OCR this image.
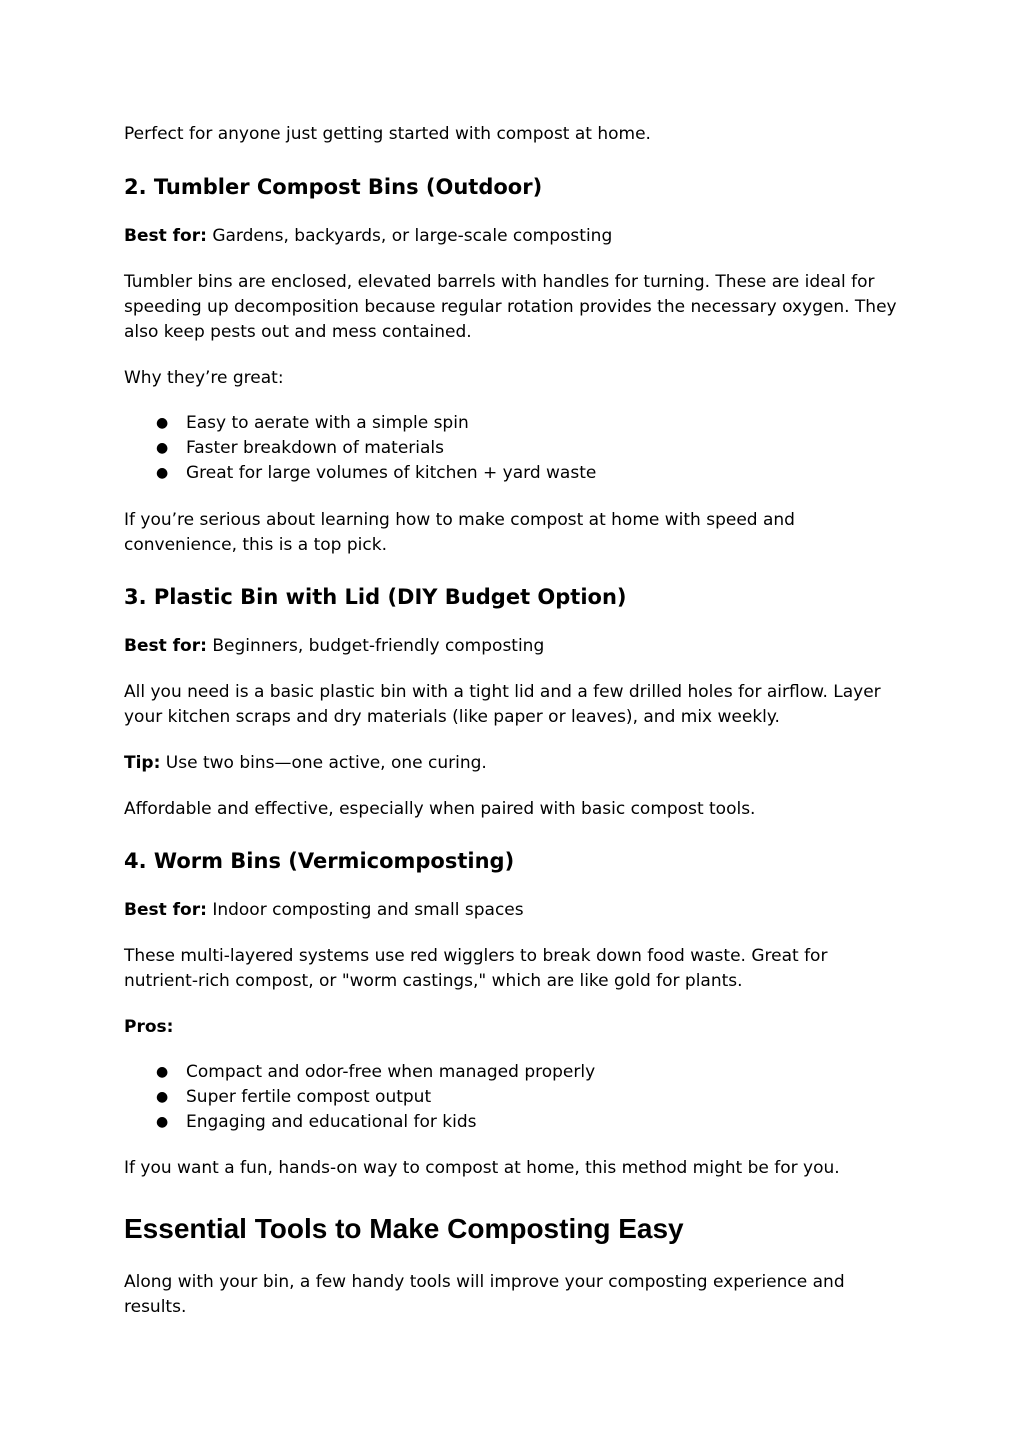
Perfect for anyone just getting started with compost at home.

2. Tumbler Compost Bins (Outdoor)

Best for: Gardens, backyards, or large-scale composting

Tumbler bins are enclosed, elevated barrels with handles for turning. These are ideal for speeding up decomposition because regular rotation provides the necessary oxygen. They also keep pests out and mess contained.

Why they’re great:

● Easy to aerate with a simple spin
● Faster breakdown of materials
● Great for large volumes of kitchen + yard waste

If you’re serious about learning how to make compost at home with speed and convenience, this is a top pick.

3. Plastic Bin with Lid (DIY Budget Option)

Best for: Beginners, budget-friendly composting

All you need is a basic plastic bin with a tight lid and a few drilled holes for airflow. Layer your kitchen scraps and dry materials (like paper or leaves), and mix weekly.

Tip: Use two bins—one active, one curing.

Affordable and effective, especially when paired with basic compost tools.

4. Worm Bins (Vermicomposting)

Best for: Indoor composting and small spaces

These multi-layered systems use red wigglers to break down food waste. Great for nutrient-rich compost, or "worm castings," which are like gold for plants.

Pros:

● Compact and odor-free when managed properly
● Super fertile compost output
● Engaging and educational for kids

If you want a fun, hands-on way to compost at home, this method might be for you.

Essential Tools to Make Composting Easy

Along with your bin, a few handy tools will improve your composting experience and results.
